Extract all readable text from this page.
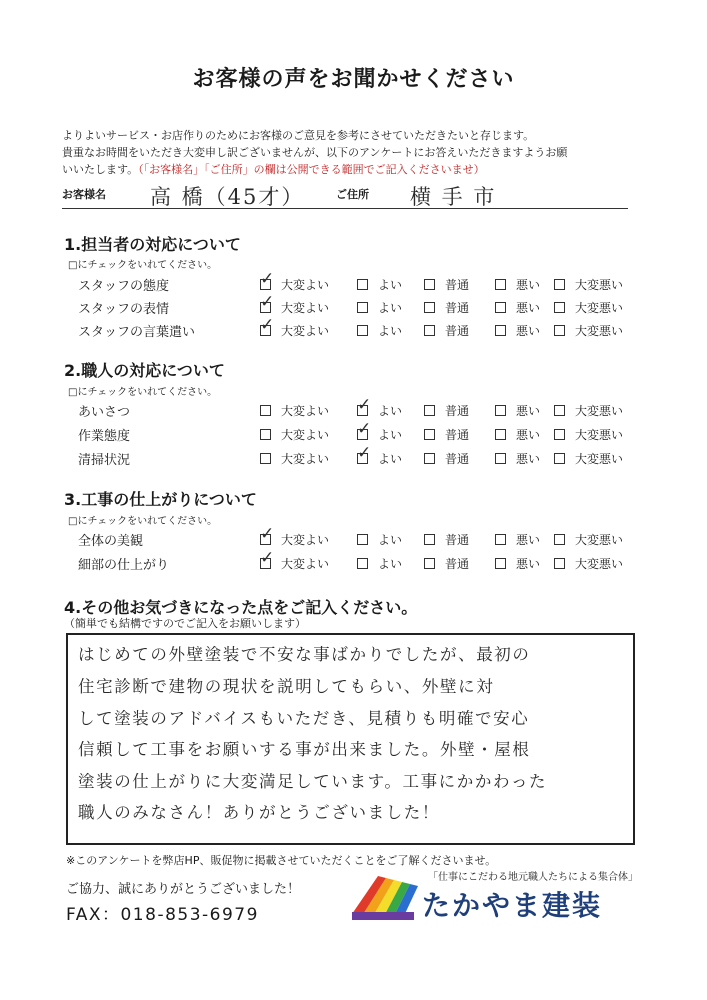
お客様の声をお聞かせください
よりよいサービス・お店作りのためにお客様のご意見を参考にさせていただきたいと存じます。
貴重なお時間をいただき大変申し訳ございませんが、以下のアンケートにお答えいただきますようお願
いいたします。（「お客様名」「ご住所」の欄は公開できる範囲でご記入くださいませ）
お客様名 高 橋（45才）	ご住所 横 手 市
1.担当者の対応について
□にチェックをいれてください。
スタッフの態度	✓ 大変よい	よい	普通	悪い	大変悪い
スタッフの表情	✓ 大変よい	よい	普通	悪い	大変悪い
スタッフの言葉遣い	✓ 大変よい	よい	普通	悪い	大変悪い
2.職人の対応について
□にチェックをいれてください。
あいさつ	大変よい ✓ よい	普通	悪い	大変悪い
作業態度	大変よい ✓ よい	普通	悪い	大変悪い
清掃状況	大変よい ✓ よい	普通	悪い	大変悪い
3.工事の仕上がりについて
□にチェックをいれてください。
全体の美観	✓ 大変よい	よい	普通	悪い	大変悪い
細部の仕上がり	✓ 大変よい	よい	普通	悪い	大変悪い
4.その他お気づきになった点をご記入ください。
（簡単でも結構ですのでご記入をお願いします）
はじめての外壁塗装で不安な事ばかりでしたが、最初の
住宅診断で建物の現状を説明してもらい、外壁に対
して塗装のアドバイスもいただき、見積りも明確で安心
信頼して工事をお願いする事が出来ました。外壁・屋根
塗装の仕上がりに大変満足しています。工事にかかわった
職人のみなさん！ありがとうございました！
※このアンケートを弊店HP、販促物に掲載させていただくことをご了解くださいませ。
ご協力、誠にありがとうございました！
FAX：018-853-6979
「仕事にこだわる地元職人たちによる集合体」
たかやま建装
